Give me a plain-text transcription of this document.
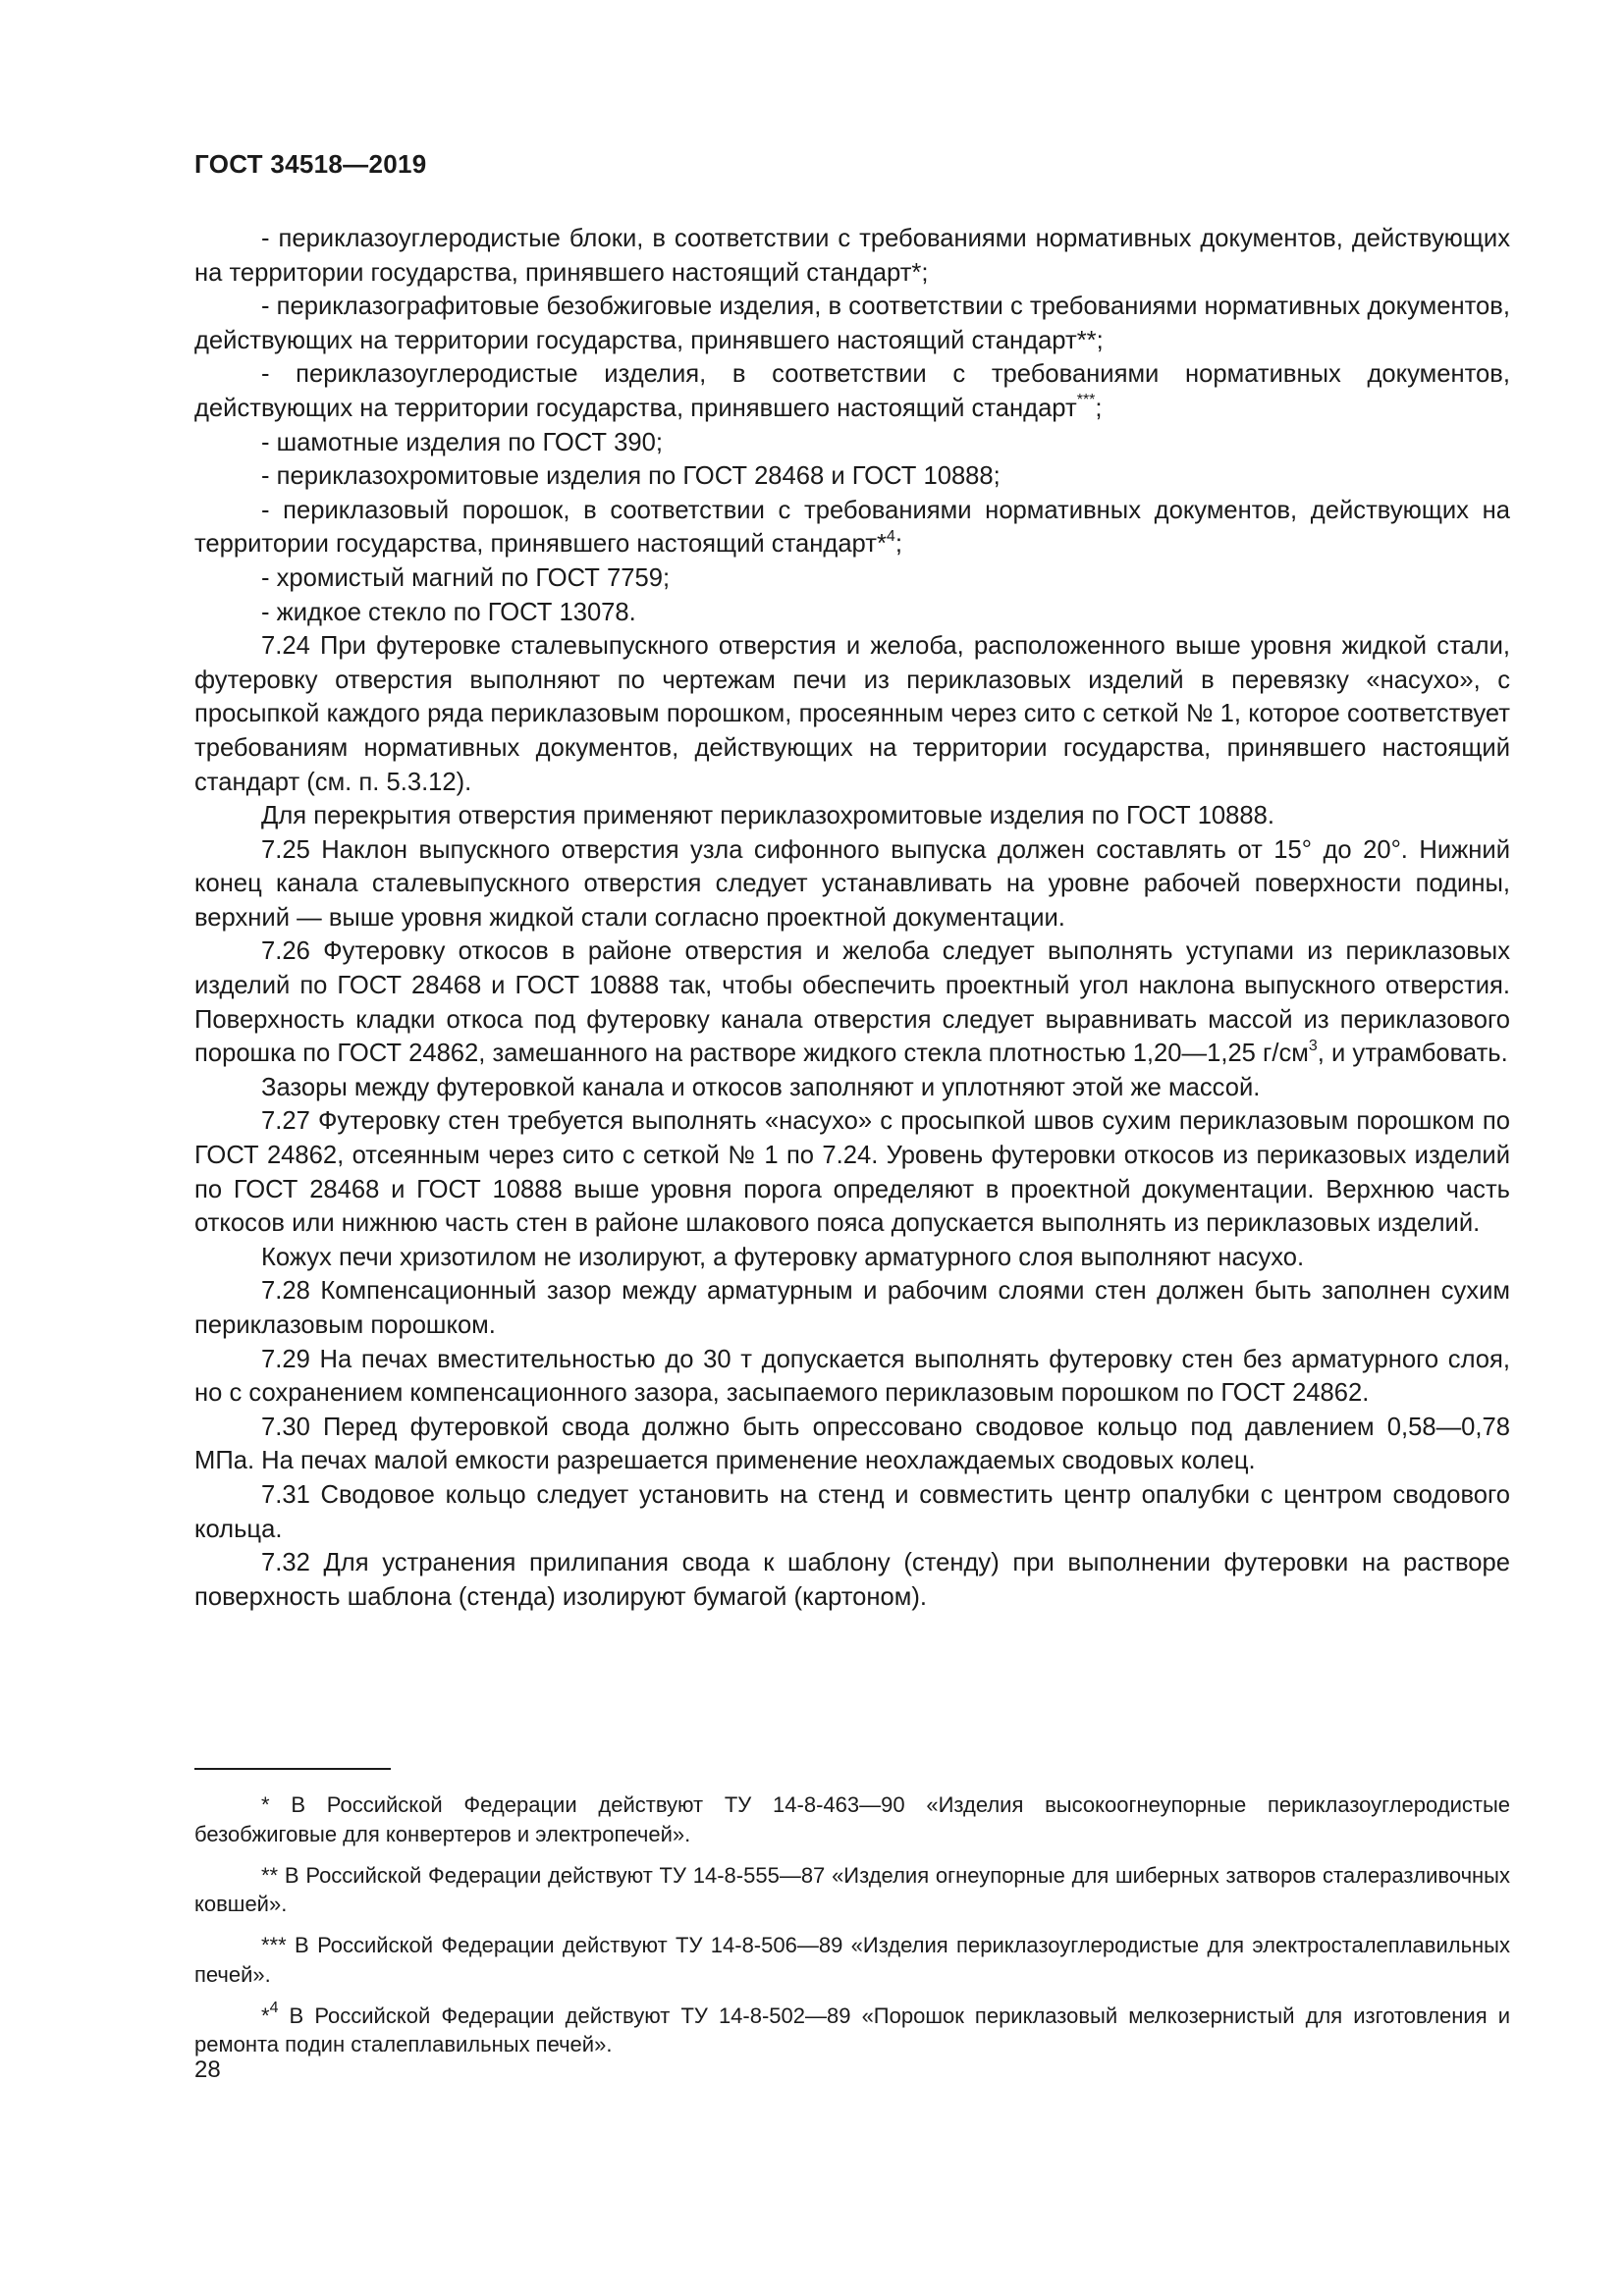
ГОСТ 34518—2019

- периклазоуглеродистые блоки, в соответствии с требованиями нормативных документов, действующих на территории государства, принявшего настоящий стандарт*;

- периклазографитовые безобжиговые изделия, в соответствии с требованиями нормативных документов, действующих на территории государства, принявшего настоящий стандарт**;

- периклазоуглеродистые изделия, в соответствии с требованиями нормативных документов, действующих на территории государства, принявшего настоящий стандарт***;

- шамотные изделия по ГОСТ 390;

- периклазохромитовые изделия по ГОСТ 28468 и ГОСТ 10888;

- периклазовый порошок, в соответствии с требованиями нормативных документов, действующих на территории государства, принявшего настоящий стандарт*$^4$;

- хромистый магний по ГОСТ 7759;

- жидкое стекло по ГОСТ 13078.

7.24 При футеровке сталевыпускного отверстия и желоба, расположенного выше уровня жидкой стали, футеровку отверстия выполняют по чертежам печи из периклазовых изделий в перевязку «насухо», с просыпкой каждого ряда периклазовым порошком, просеянным через сито с сеткой № 1, которое соответствует требованиям нормативных документов, действующих на территории государства, принявшего настоящий стандарт (см. п. 5.3.12).

Для перекрытия отверстия применяют периклазохромитовые изделия по ГОСТ 10888.

7.25 Наклон выпускного отверстия узла сифонного выпуска должен составлять от 15° до 20°. Нижний конец канала сталевыпускного отверстия следует устанавливать на уровне рабочей поверхности подины, верхний — выше уровня жидкой стали согласно проектной документации.

7.26 Футеровку откосов в районе отверстия и желоба следует выполнять уступами из периклазовых изделий по ГОСТ 28468 и ГОСТ 10888 так, чтобы обеспечить проектный угол наклона выпускного отверстия. Поверхность кладки откоса под футеровку канала отверстия следует выравнивать массой из периклазового порошка по ГОСТ 24862, замешанного на растворе жидкого стекла плотностью 1,20—1,25 $г/см^3$, и утрамбовать.

Зазоры между футеровкой канала и откосов заполняют и уплотняют этой же массой.

7.27 Футеровку стен требуется выполнять «насухо» с просыпкой швов сухим периклазовым порошком по ГОСТ 24862, отсеянным через сито с сеткой № 1 по 7.24. Уровень футеровки откосов из периказовых изделий по ГОСТ 28468 и ГОСТ 10888 выше уровня порога определяют в проектной документации. Верхнюю часть откосов или нижнюю часть стен в районе шлакового пояса допускается выполнять из периклазовых изделий.

Кожух печи хризотилом не изолируют, а футеровку арматурного слоя выполняют насухо.

7.28 Компенсационный зазор между арматурным и рабочим слоями стен должен быть заполнен сухим периклазовым порошком.

7.29 На печах вместительностью до 30 т допускается выполнять футеровку стен без арматурного слоя, но с сохранением компенсационного зазора, засыпаемого периклазовым порошком по ГОСТ 24862.

7.30 Перед футеровкой свода должно быть опрессовано сводовое кольцо под давлением 0,58—0,78 МПа. На печах малой емкости разрешается применение неохлаждаемых сводовых колец.

7.31 Сводовое кольцо следует установить на стенд и совместить центр опалубки с центром сводового кольца.

7.32 Для устранения прилипания свода к шаблону (стенду) при выполнении футеровки на растворе поверхность шаблона (стенда) изолируют бумагой (картоном).

* В Российской Федерации действуют ТУ 14-8-463—90 «Изделия высокоогнеупорные периклазоуглеродистые безобжиговые для конвертеров и электропечей».

** В Российской Федерации действуют ТУ 14-8-555—87 «Изделия огнеупорные для шиберных затворов сталеразливочных ковшей».

*** В Российской Федерации действуют ТУ 14-8-506—89 «Изделия периклазоуглеродистые для электросталеплавильных печей».

*$^4$ В Российской Федерации действуют ТУ 14-8-502—89 «Порошок периклазовый мелкозернистый для изготовления и ремонта подин сталеплавильных печей».

28
